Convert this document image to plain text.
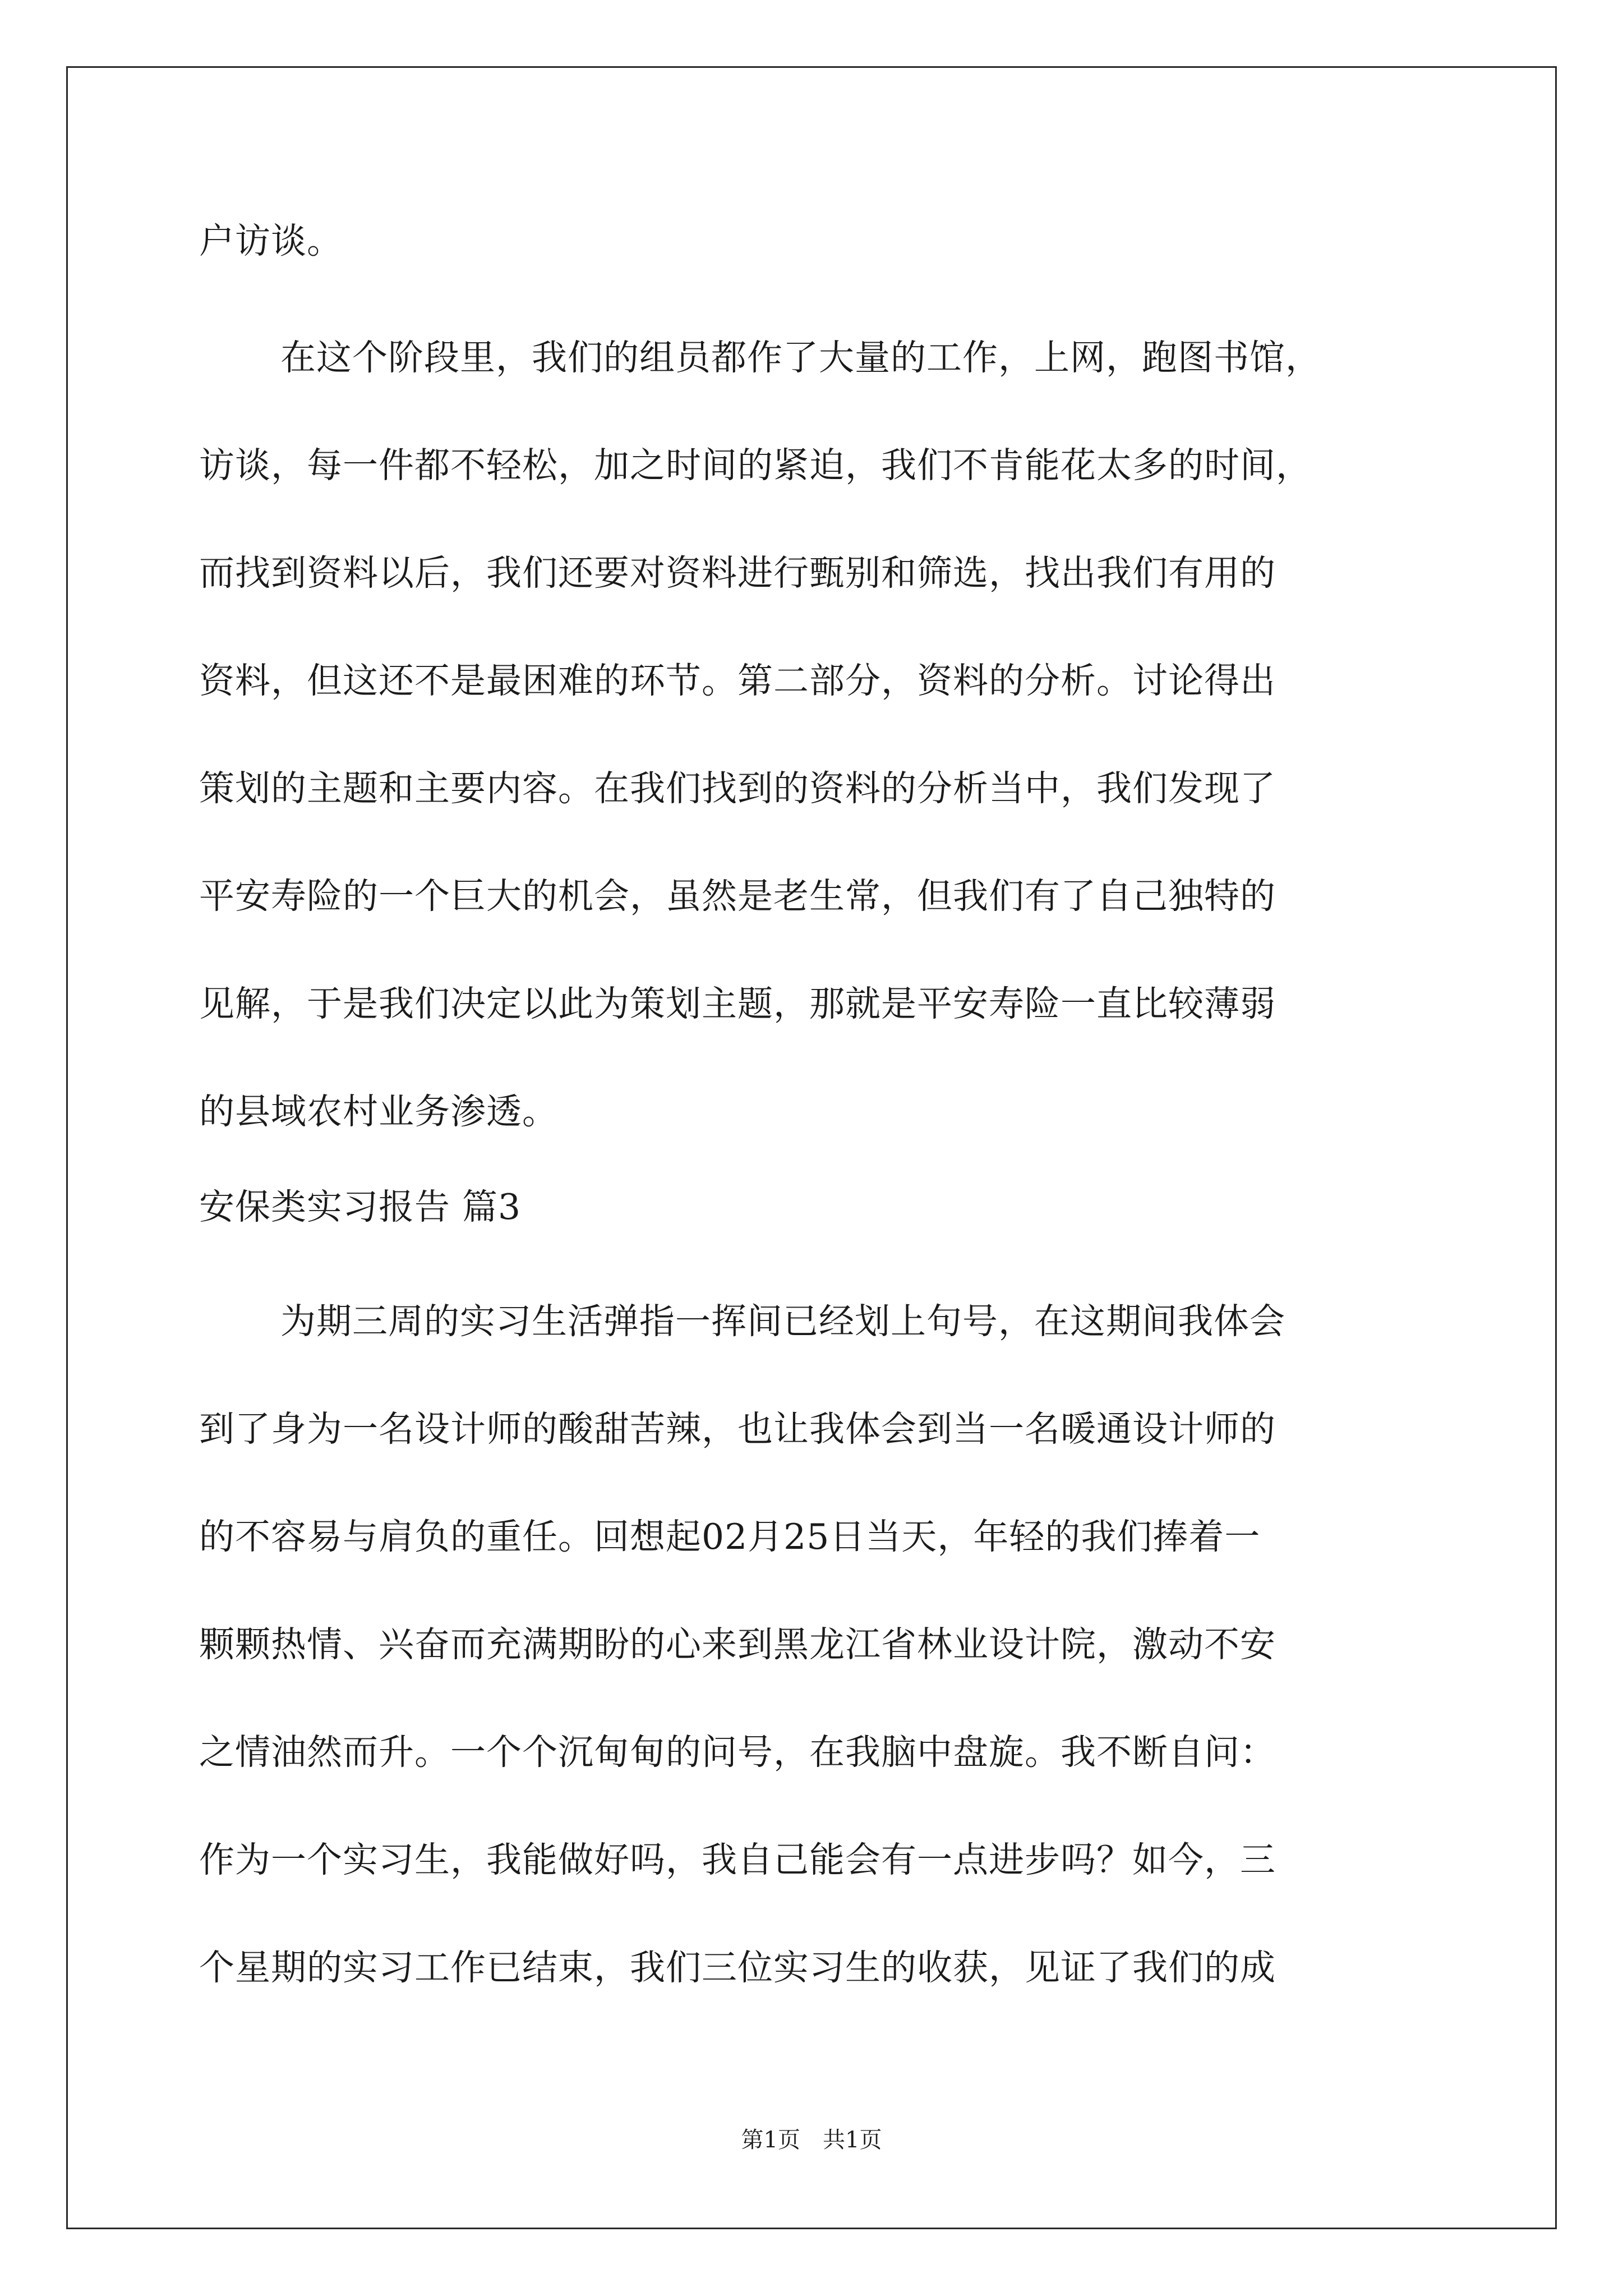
户访谈。
在这个阶段里，我们的组员都作了大量的工作，上网，跑图书馆，
访谈，每一件都不轻松，加之时间的紧迫，我们不肯能花太多的时间，
而找到资料以后，我们还要对资料进行甄别和筛选，找出我们有用的
资料，但这还不是最困难的环节。第二部分，资料的分析。讨论得出
策划的主题和主要内容。在我们找到的资料的分析当中，我们发现了
平安寿险的一个巨大的机会，虽然是老生常，但我们有了自己独特的
见解，于是我们决定以此为策划主题，那就是平安寿险一直比较薄弱
的县域农村业务渗透。
安保类实习报告 篇3
为期三周的实习生活弹指一挥间已经划上句号，在这期间我体会
到了身为一名设计师的酸甜苦辣，也让我体会到当一名暖通设计师的
的不容易与肩负的重任。回想起02月25日当天，年轻的我们捧着一
颗颗热情、兴奋而充满期盼的心来到黑龙江省林业设计院，激动不安
之情油然而升。一个个沉甸甸的问号，在我脑中盘旋。我不断自问：
作为一个实习生，我能做好吗，我自己能会有一点进步吗？如今，三
个星期的实习工作已结束，我们三位实习生的收获，见证了我们的成
第1页 共1页
